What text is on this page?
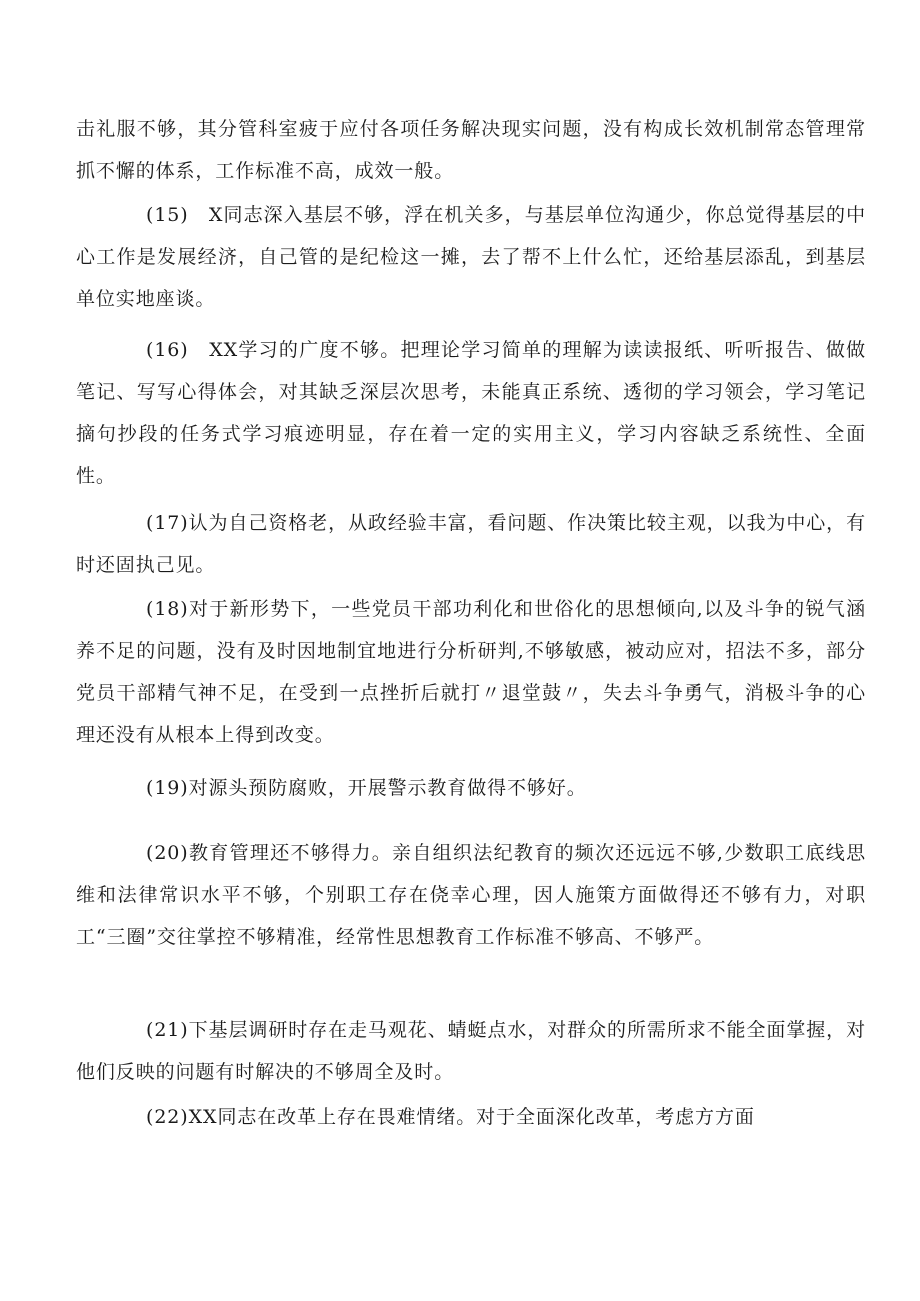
击礼服不够，其分管科室疲于应付各项任务解决现实问题，没有构成长效机制常态管理常抓不懈的体系，工作标准不高，成效一般。

(15)　X同志深入基层不够，浮在机关多，与基层单位沟通少，你总觉得基层的中心工作是发展经济，自己管的是纪检这一摊，去了帮不上什么忙，还给基层添乱，到基层单位实地座谈。

(16)　XX学习的广度不够。把理论学习简单的理解为读读报纸、听听报告、做做笔记、写写心得体会，对其缺乏深层次思考，未能真正系统、透彻的学习领会，学习笔记摘句抄段的任务式学习痕迹明显，存在着一定的实用主义，学习内容缺乏系统性、全面性。

(17)认为自己资格老，从政经验丰富，看问题、作决策比较主观，以我为中心，有时还固执己见。

(18)对于新形势下，一些党员干部功利化和世俗化的思想倾向,以及斗争的锐气涵养不足的问题，没有及时因地制宜地进行分析研判,不够敏感，被动应对，招法不多，部分党员干部精气神不足，在受到一点挫折后就打〃退堂鼓〃，失去斗争勇气，消极斗争的心理还没有从根本上得到改变。

(19)对源头预防腐败，开展警示教育做得不够好。

(20)教育管理还不够得力。亲自组织法纪教育的频次还远远不够,少数职工底线思维和法律常识水平不够，个别职工存在侥幸心理，因人施策方面做得还不够有力，对职工“三圈”交往掌控不够精准，经常性思想教育工作标准不够高、不够严。

(21)下基层调研时存在走马观花、蜻蜓点水，对群众的所需所求不能全面掌握，对他们反映的问题有时解决的不够周全及时。

(22)XX同志在改革上存在畏难情绪。对于全面深化改革，考虑方方面
